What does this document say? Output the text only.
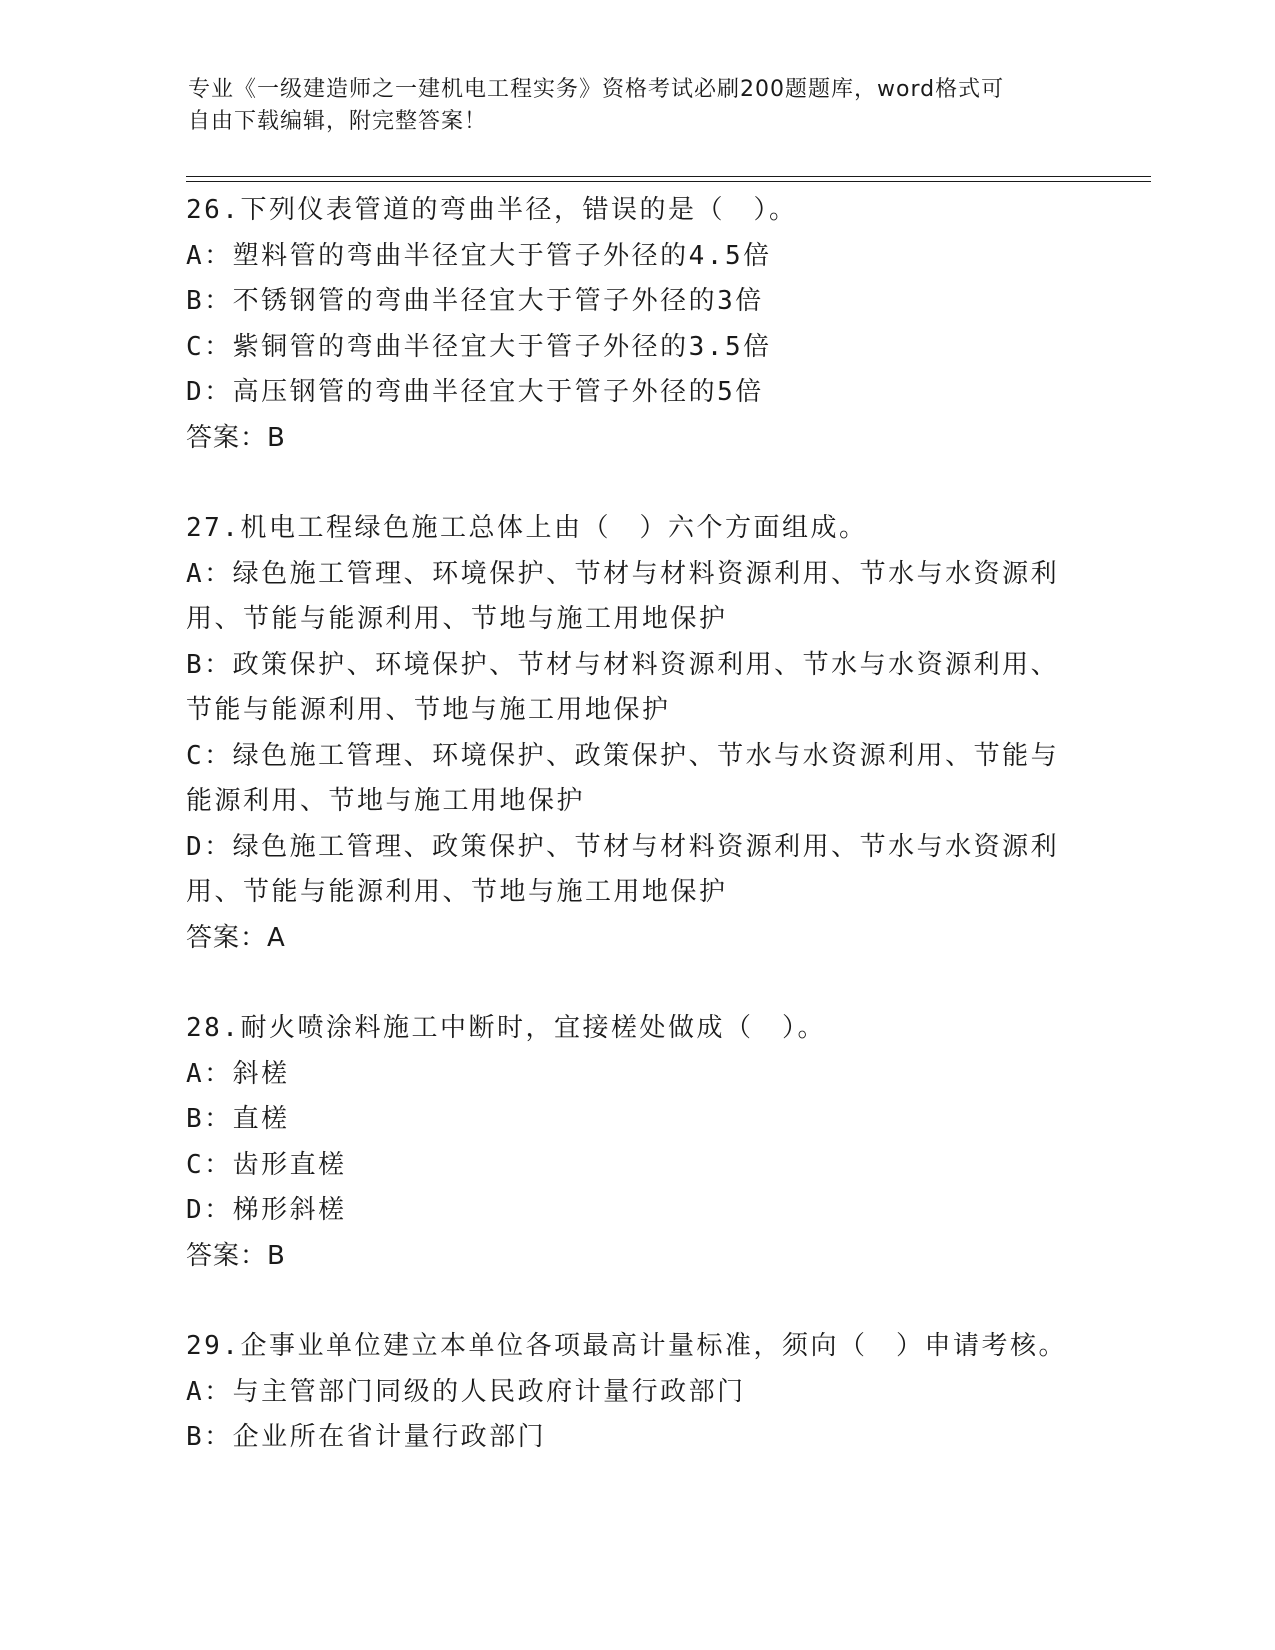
专业《一级建造师之一建机电工程实务》资格考试必刷200题题库，word格式可
自由下载编辑，附完整答案！
26.下列仪表管道的弯曲半径，错误的是（　）。
A：塑料管的弯曲半径宜大于管子外径的4.5倍
B：不锈钢管的弯曲半径宜大于管子外径的3倍
C：紫铜管的弯曲半径宜大于管子外径的3.5倍
D：高压钢管的弯曲半径宜大于管子外径的5倍
答案：B
27.机电工程绿色施工总体上由（　）六个方面组成。
A：绿色施工管理、环境保护、节材与材料资源利用、节水与水资源利用、节能与能源利用、节地与施工用地保护
B：政策保护、环境保护、节材与材料资源利用、节水与水资源利用、节能与能源利用、节地与施工用地保护
C：绿色施工管理、环境保护、政策保护、节水与水资源利用、节能与能源利用、节地与施工用地保护
D：绿色施工管理、政策保护、节材与材料资源利用、节水与水资源利用、节能与能源利用、节地与施工用地保护
答案：A
28.耐火喷涂料施工中断时，宜接槎处做成（　）。
A：斜槎
B：直槎
C：齿形直槎
D：梯形斜槎
答案：B
29.企事业单位建立本单位各项最高计量标准，须向（　）申请考核。
A：与主管部门同级的人民政府计量行政部门
B：企业所在省计量行政部门
